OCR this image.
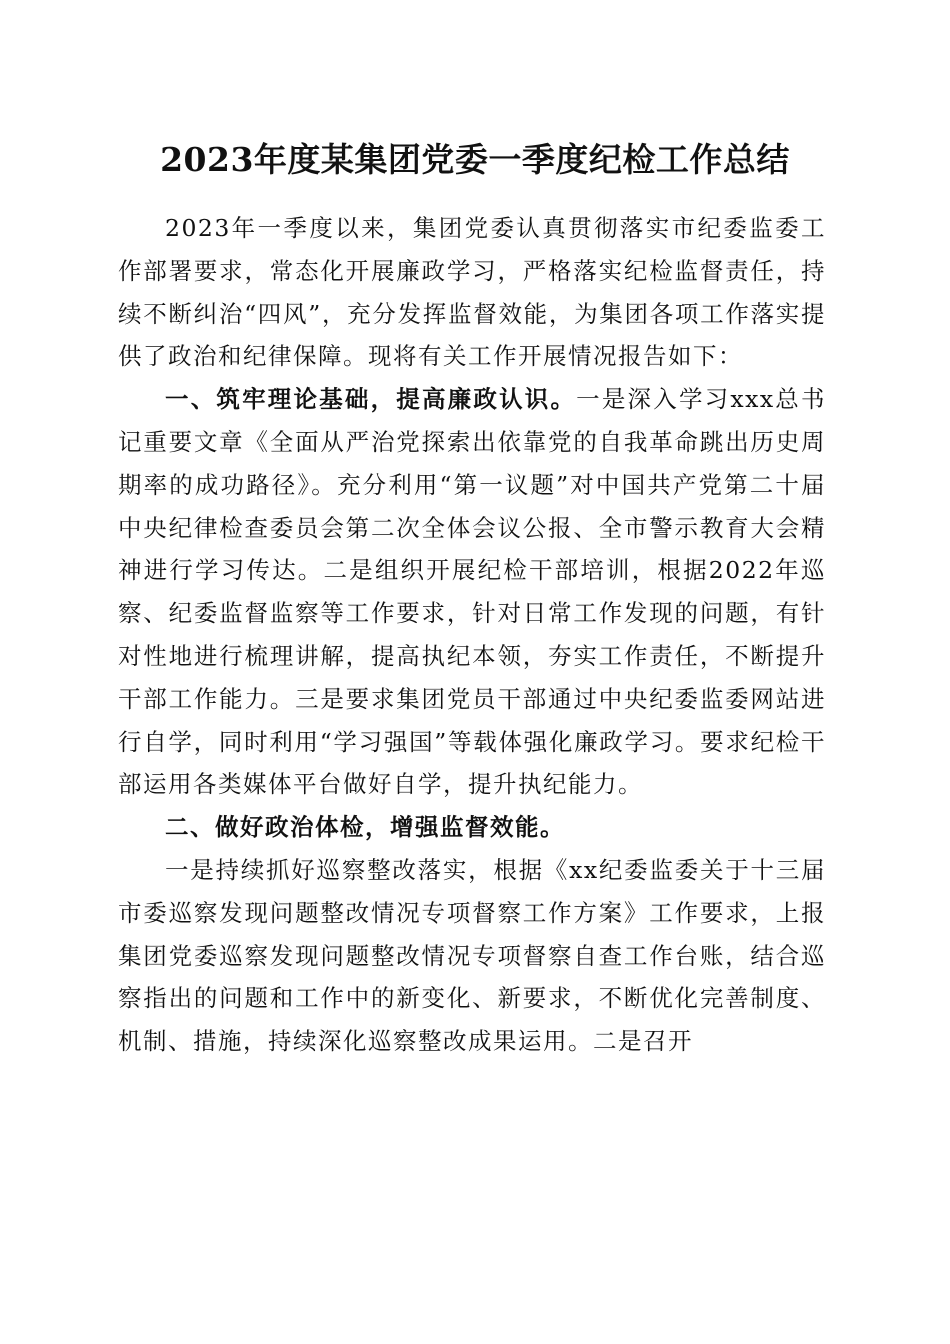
2023年度某集团党委一季度纪检工作总结

2023年一季度以来，集团党委认真贯彻落实市纪委监委工作部署要求，常态化开展廉政学习，严格落实纪检监督责任，持续不断纠治“四风”，充分发挥监督效能，为集团各项工作落实提供了政治和纪律保障。现将有关工作开展情况报告如下：

一、筑牢理论基础，提高廉政认识。一是深入学习xxx总书记重要文章《全面从严治党探索出依靠党的自我革命跳出历史周期率的成功路径》。充分利用“第一议题”对中国共产党第二十届中央纪律检查委员会第二次全体会议公报、全市警示教育大会精神进行学习传达。二是组织开展纪检干部培训，根据2022年巡察、纪委监督监察等工作要求，针对日常工作发现的问题，有针对性地进行梳理讲解，提高执纪本领，夯实工作责任，不断提升干部工作能力。三是要求集团党员干部通过中央纪委监委网站进行自学，同时利用“学习强国”等载体强化廉政学习。要求纪检干部运用各类媒体平台做好自学，提升执纪能力。

二、做好政治体检，增强监督效能。

一是持续抓好巡察整改落实，根据《xx纪委监委关于十三届市委巡察发现问题整改情况专项督察工作方案》工作要求，上报集团党委巡察发现问题整改情况专项督察自查工作台账，结合巡察指出的问题和工作中的新变化、新要求，不断优化完善制度、机制、措施，持续深化巡察整改成果运用。二是召开
